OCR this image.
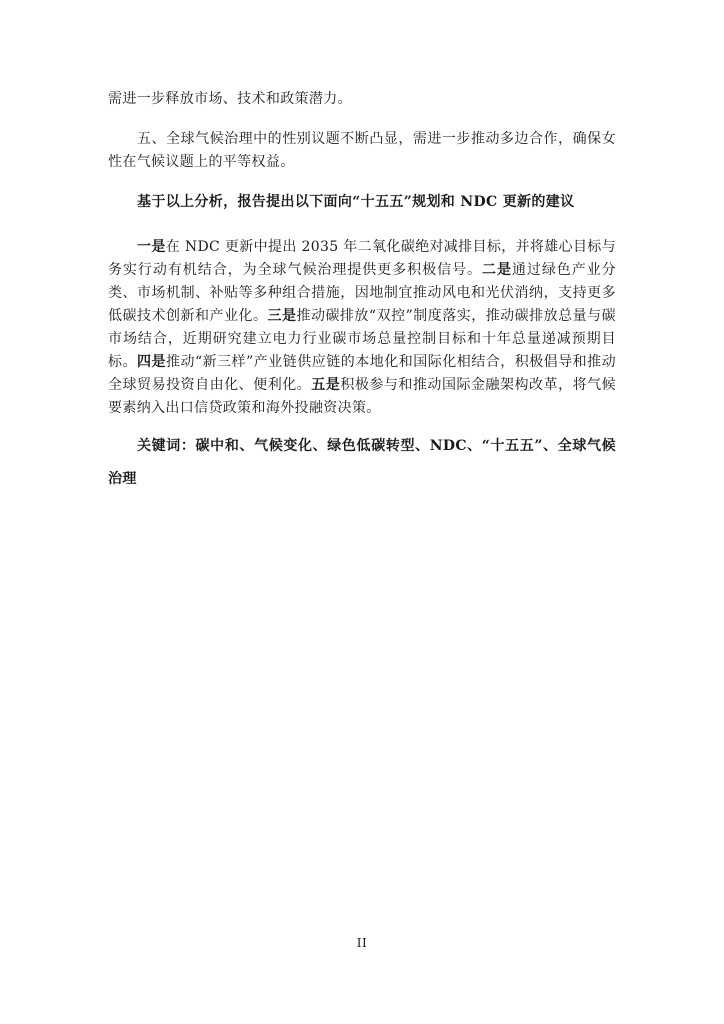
需进一步释放市场、技术和政策潜力。

五、全球气候治理中的性别议题不断凸显，需进一步推动多边合作，确保女性在气候议题上的平等权益。

基于以上分析，报告提出以下面向“十五五”规划和 NDC 更新的建议

一是在 NDC 更新中提出 2035 年二氧化碳绝对减排目标，并将雄心目标与务实行动有机结合，为全球气候治理提供更多积极信号。二是通过绿色产业分类、市场机制、补贴等多种组合措施，因地制宜推动风电和光伏消纳，支持更多低碳技术创新和产业化。三是推动碳排放“双控”制度落实，推动碳排放总量与碳市场结合，近期研究建立电力行业碳市场总量控制目标和十年总量递减预期目标。四是推动“新三样”产业链供应链的本地化和国际化相结合，积极倡导和推动全球贸易投资自由化、便利化。五是积极参与和推动国际金融架构改革，将气候要素纳入出口信贷政策和海外投融资决策。

关键词：碳中和、气候变化、绿色低碳转型、NDC、“十五五”、全球气候治理

II
